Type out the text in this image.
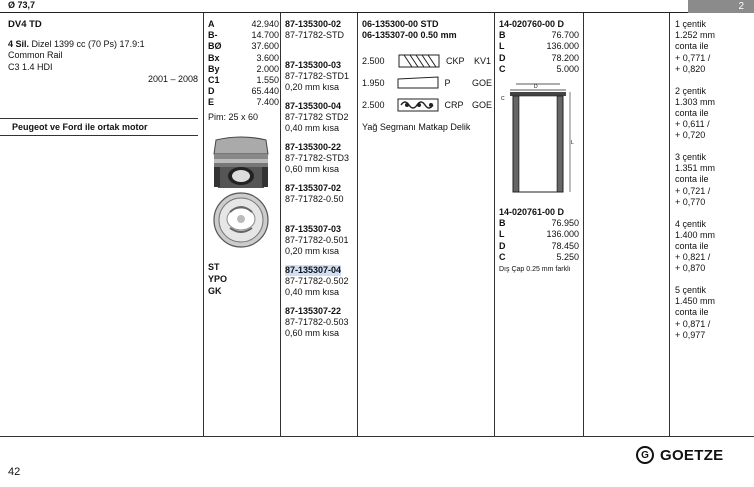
Ø 73,7	2
DV4 TD
4 Sil. Dizel 1399 cc (70 Ps) 17.9:1
Common Rail
C3 1.4 HDI
2001 – 2008
Peugeot ve Ford ile ortak motor
A	42.940
B-	14.700
BØ	37.600
Bx	3.600
By	2.000
C1	1.550
D	65.440
E	7.400
Pim: 25 x 60
ST
YPO
GK
87-135300-02
87-71782-STD
87-135300-03
87-71782-STD1
0,20 mm kısa
87-135300-04
87-71782 STD2
0,40 mm kısa
87-135300-22
87-71782-STD3
0,60 mm kısa
87-135307-02
87-71782-0.50
87-135307-03
87-71782-0.501
0,20 mm kısa
87-135307-04
87-71782-0.502
0,40 mm kısa
87-135307-22
87-71782-0.503
0,60 mm kısa
06-135300-00 STD
06-135307-00 0.50 mm
2.500	CKP	KV1
1.950	P	GOE
2.500	CRP GOE
Yağ Segmanı Matkap Delik
14-020760-00 D
B	76.700
L	136.000
D	78.200
C	5.000
D
C
L
14-020761-00 D
B	76.950
L	136.000
D	78.450
C	5.250
Dış Çap 0.25 mm farklı
1 çentik
1.252 mm
conta ile
+ 0,771 /
+ 0,820
2 çentik
1.303 mm
conta ile
+ 0,611 /
+ 0,720
3 çentik
1.351 mm
conta ile
+ 0,721 /
+ 0,770
4 çentik
1.400 mm
conta ile
+ 0,821 /
+ 0,870
5 çentik
1.450 mm
conta ile
+ 0,871 /
+ 0,977
42
G GOETZE
